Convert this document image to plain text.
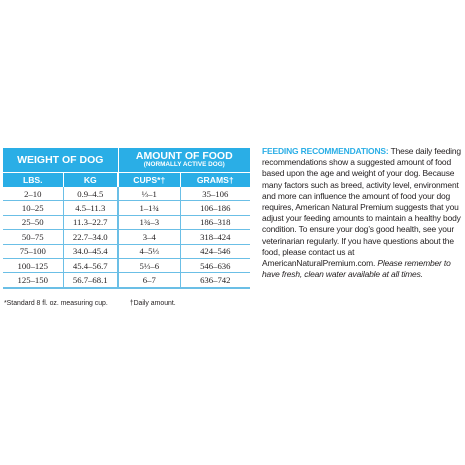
WEIGHT OF DOG		AMOUNT OF FOOD
(NORMALLY ACTIVE DOG)	

LBS.	KG	CUPS*†	GRAMS†
2–10	0.9–4.5	⅓–1	35–106
10–25	4.5–11.3	1–1¾	106–186
25–50	11.3–22.7	1¾–3	186–318
50–75	22.7–34.0	3–4	318–424
75–100	34.0–45.4	4–5⅓	424–546
100–125	45.4–56.7	5⅓–6	546–636
125–150	56.7–68.1	6–7	636–742
*Standard 8 fl. oz. measuring cup.	†Daily amount.
FEEDING RECOMMENDATIONS: These daily feeding recommendations show a suggested amount of food based upon the age and weight of your dog. Because many factors such as breed, activity level, environment and more can influence the amount of food your dog requires, American Natural Premium suggests that you adjust your feeding amounts to maintain a healthy body condition. To ensure your dog’s good health, see your veterinarian regularly. If you have questions about the food, please contact us at AmericanNaturalPremium.com. Please remember to have fresh, clean water available at all times.
